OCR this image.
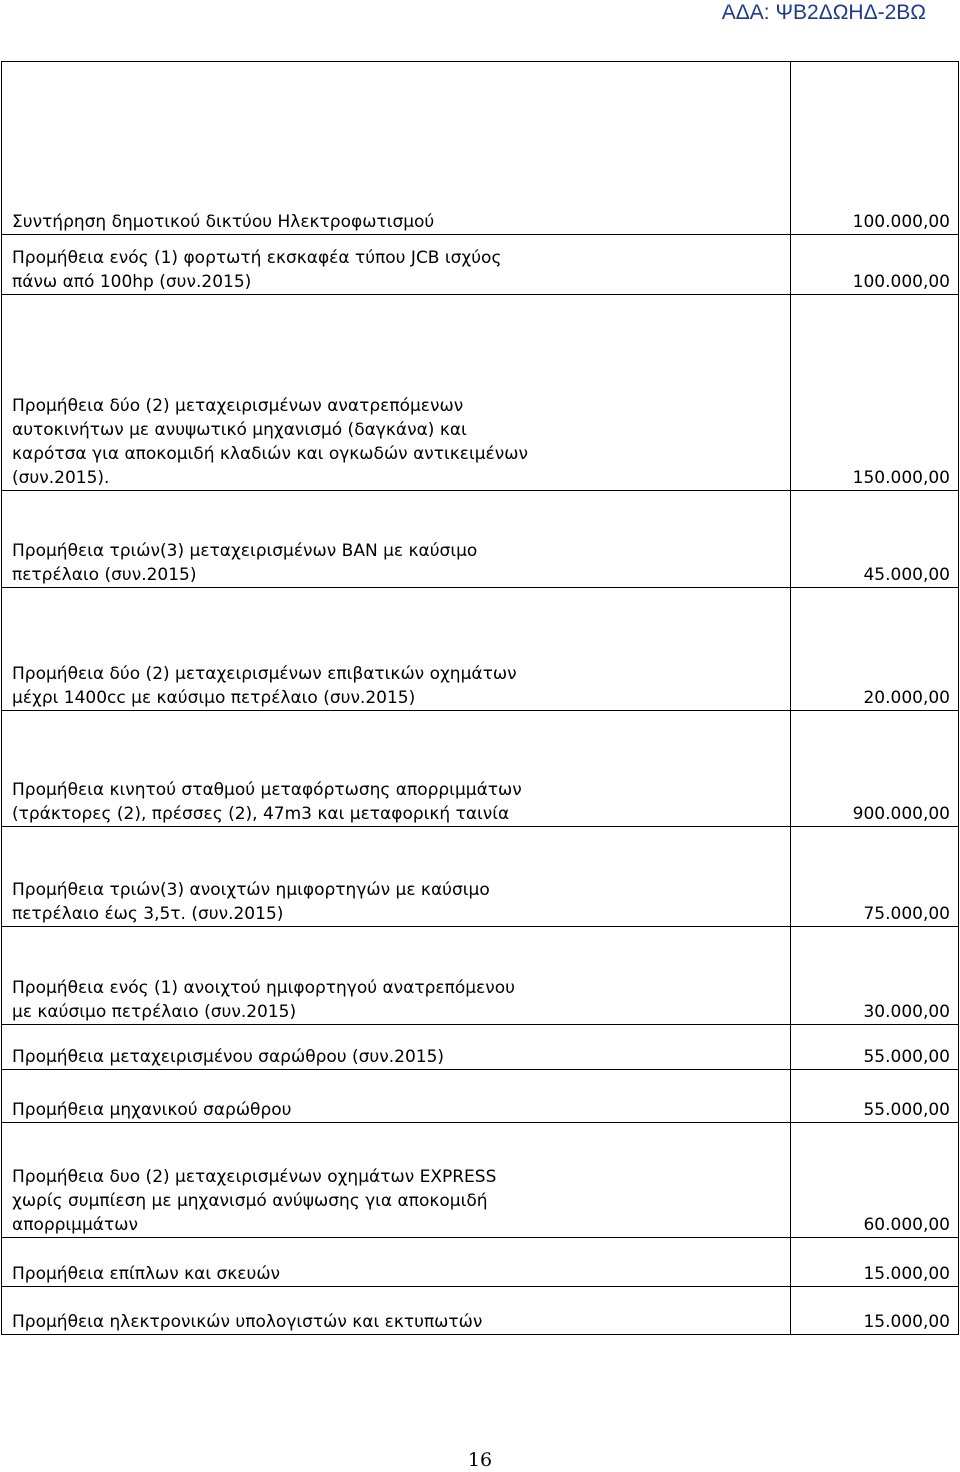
ΑΔΑ: ΨΒ2ΔΩΗΔ-2ΒΩ
Συντήρηση δημοτικού δικτύου Ηλεκτροφωτισμού	100.000,00

Προμήθεια ενός (1) φορτωτή εκσκαφέα τύπου JCB ισχύος
πάνω από 100hp (συν.2015)	100.000,00

Προμήθεια δύο (2) μεταχειρισμένων ανατρεπόμενων
αυτοκινήτων με ανυψωτικό μηχανισμό (δαγκάνα) και
καρότσα για αποκομιδή κλαδιών και ογκωδών αντικειμένων
(συν.2015).	150.000,00

Προμήθεια τριών(3) μεταχειρισμένων ΒΑΝ με καύσιμο
πετρέλαιο (συν.2015)	45.000,00

Προμήθεια δύο (2) μεταχειρισμένων επιβατικών οχημάτων
μέχρι 1400cc με καύσιμο πετρέλαιο (συν.2015)	20.000,00

Προμήθεια κινητού σταθμού μεταφόρτωσης απορριμμάτων
(τράκτορες (2), πρέσσες (2), 47m3 και μεταφορική ταινία	900.000,00

Προμήθεια τριών(3) ανοιχτών ημιφορτηγών με καύσιμο
πετρέλαιο έως 3,5τ. (συν.2015)	75.000,00

Προμήθεια ενός (1) ανοιχτού ημιφορτηγού ανατρεπόμενου
με καύσιμο πετρέλαιο (συν.2015)	30.000,00

Προμήθεια μεταχειρισμένου σαρώθρου (συν.2015)	55.000,00

Προμήθεια μηχανικού σαρώθρου	55.000,00

Προμήθεια δυο (2) μεταχειρισμένων οχημάτων EXPRESS
χωρίς συμπίεση με μηχανισμό ανύψωσης για αποκομιδή
απορριμμάτων	60.000,00

Προμήθεια επίπλων και σκευών	15.000,00

Προμήθεια ηλεκτρονικών υπολογιστών και εκτυπωτών	15.000,00
16
